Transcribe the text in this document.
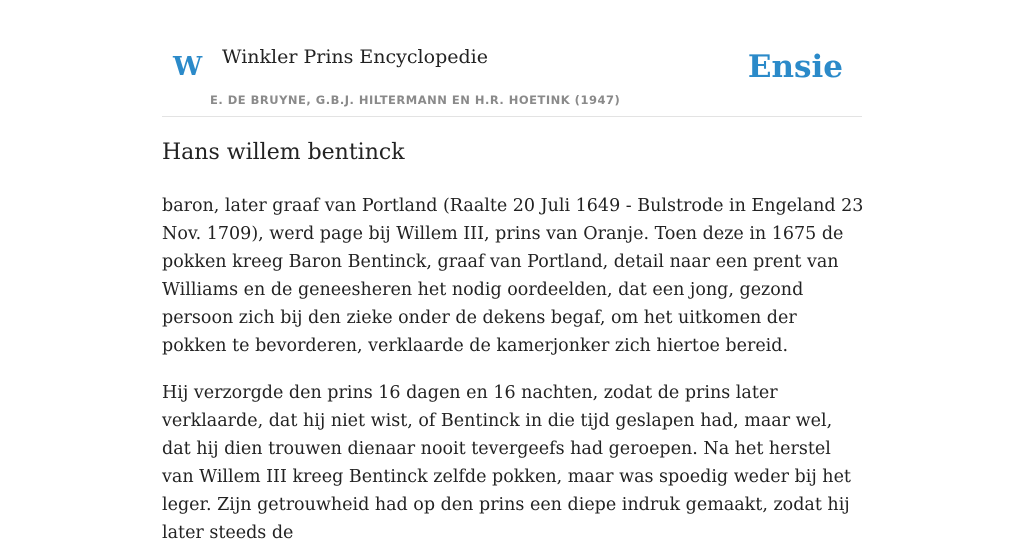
W Winkler Prins Encyclopedie
E. DE BRUYNE, G.B.J. HILTERMANN EN H.R. HOETINK (1947)
Ensie
Hans willem bentinck

baron, later graaf van Portland (Raalte 20 Juli 1649 - Bulstrode in Engeland 23 Nov. 1709), werd page bij Willem III, prins van Oranje. Toen deze in 1675 de pokken kreeg Baron Bentinck, graaf van Portland, detail naar een prent van Williams en de geneesheren het nodig oordeelden, dat een jong, gezond persoon zich bij den zieke onder de dekens begaf, om het uitkomen der pokken te bevorderen, verklaarde de kamerjonker zich hiertoe bereid.

Hij verzorgde den prins 16 dagen en 16 nachten, zodat de prins later verklaarde, dat hij niet wist, of Bentinck in die tijd geslapen had, maar wel, dat hij dien trouwen dienaar nooit tevergeefs had geroepen. Na het herstel van Willem III kreeg Bentinck zelfde pokken, maar was spoedig weder bij het leger. Zijn getrouwheid had op den prins een diepe indruk gemaakt, zodat hij later steeds de
